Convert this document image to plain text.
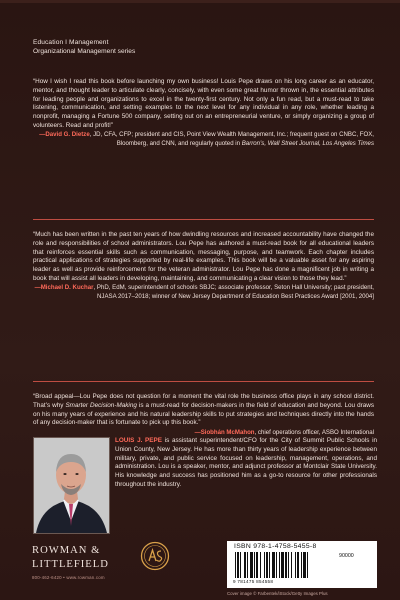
Education I Management
Organizational Management series

“How I wish I read this book before launching my own business! Louis Pepe draws on his long career as an educator, mentor, and thought leader to articulate clearly, concisely, with even some great humor thrown in, the essential attributes for leading people and organizations to excel in the twenty-first century. Not only a fun read, but a must-read to take listening, communication, and setting examples to the next level for any individual in any role, whether leading a nonprofit, managing a Fortune 500 company, setting out on an entrepreneurial venture, or simply organizing a group of volunteers. Read and profit!”

—David G. Dietze, JD, CFA, CFP; president and CIS, Point View Wealth Management, Inc.; frequent guest on CNBC, FOX, Bloomberg, and CNN, and regularly quoted in Barron’s, Wall Street Journal, Los Angeles Times

“Much has been written in the past ten years of how dwindling resources and increased accountability have changed the role and responsibilities of school administrators. Lou Pepe has authored a must-read book for all educational leaders that reinforces essential skills such as communication, messaging, purpose, and teamwork. Each chapter includes practical applications of strategies supported by real-life examples. This book will be a valuable asset for any aspiring leader as well as provide reinforcement for the veteran administrator. Lou Pepe has done a magnificent job in writing a book that will assist all leaders in developing, maintaining, and communicating a clear vision to those they lead.”

—Michael D. Kuchar, PhD, EdM, superintendent of schools SBJC; associate professor, Seton Hall University; past president, NJASA 2017–2018; winner of New Jersey Department of Education Best Practices Award [2001, 2004]

“Broad appeal—Lou Pepe does not question for a moment the vital role the business office plays in any school district. That’s why Smarter Decision-Making is a must-read for decision-makers in the field of education and beyond. Lou draws on his many years of experience and his natural leadership skills to put strategies and techniques directly into the hands of any decision-maker that is fortunate to pick up this book.”

—Siobhán McMahon, chief operations officer, ASBO International

LOUIS J. PEPE is assistant superintendent/CFO for the City of Summit Public Schools in Union County, New Jersey. He has more than thirty years of leadership experience between military, private, and public service focused on leadership, management, operations, and administration. Lou is a speaker, mentor, and adjunct professor at Montclair State University. His knowledge and success has positioned him as a go-to resource for other professionals throughout the industry.

ROWMAN &
LITTLEFIELD
800-462-6420 • www.rowman.com
ISBN 978-1-4758-5455-8
9 781475 854558
90000
Cover image © Farbentek/iStock/Getty Images Plus
